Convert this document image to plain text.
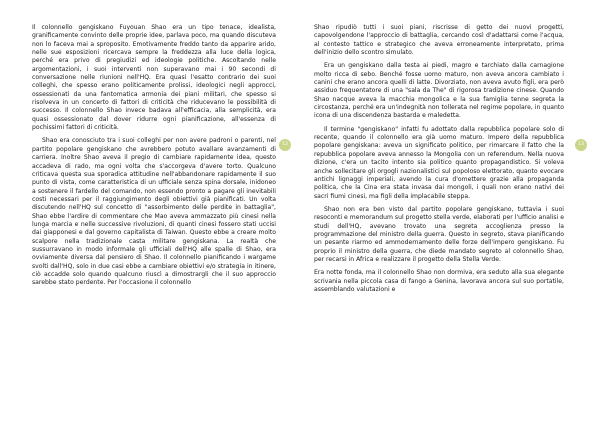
Il colonnello gengiskano Fuyouan Shao era un tipo tenace, idealista, granificamente convinto delle proprie idee, parlava poco, ma quando discuteva non lo faceva mai a sproposito. Emotivamente freddo tanto da apparire arido, nelle sue esposizioni ricercava sempre la freddezza alla luce della logica, perché era privo di pregiudizi ed ideologie politiche. Ascoltando nelle argomentazioni, i suoi interventi non superavano mai i 90 secondi di conversazione nelle riunioni nell'HQ. Era quasi l'esatto contrario dei suoi colleghi, che spesso erano politicamente prolissi, ideologici negli approcci, ossessionati da una fantomatica armonia dei piani militari, che spesso si risolveva in un concerto di fattori di criticità che riducevano le possibilità di successo. Il colonnello Shao invece badava all'efficacia, alla semplicità, era quasi ossessionato dal dover ridurre ogni pianificazione, all'essenza di pochissimi fattori di criticità.

Shao era conosciuto tra i suoi colleghi per non avere padroni o parenti, nel partito popolare gengiskano che avrebbero potuto avallare avanzamenti di carriera. Inoltre Shao aveva il pregio di cambiare rapidamente idea, questo accadeva di rado, ma ogni volta che s'accorgeva d'avere torto. Qualcuno criticava questa sua sporadica attitudine nell'abbandonare rapidamente il suo punto di vista, come caratteristica di un ufficiale senza spina dorsale, inidoneo a sostenere il fardello del comando, non essendo pronto a pagare gli inevitabili costi necessari per il raggiungimento degli obiettivi già pianificati. Un volta discutendo nell'HQ sul concetto di "assorbimento delle perdite in battaglia", Shao ebbe l'ardire di commentare che Mao aveva ammazzato più cinesi nella lunga marcia e nelle successive rivoluzioni, di quanti cinesi fossero stati uccisi dai giapponesi e dal governo capitalista di Taiwan. Questo ebbe a creare molto scalpore nella tradizionale casta militare gengiskana. La realtà che sussurravano in modo informale gli ufficiali dell'HQ alle spalle di Shao, era ovviamente diversa dal pensiero di Shao. Il colonnello pianificando i wargame svolti dall'HQ, solo in due casi ebbe a cambiare obiettivi e/o strategia in itinere, ciò accadde solo quando qualcuno riuscì a dimostrargli che il suo approccio sarebbe stato perdente. Per l'occasione il colonnello

12

Shao ripudiò tutti i suoi piani, riscrisse di getto dei nuovi progetti, capovolgendone l'approccio di battaglia, cercando così d'adattarsi come l'acqua, al contesto tattico e strategico che aveva erroneamente interpretato, prima dell'inizio dello scontro simulato.

Era un gengiskano dalla testa ai piedi, magro e tarchiato dalla carnagione molto ricca di sebo. Benché fosse uomo maturo, non aveva ancora cambiato i canini che erano ancora quelli di latte. Divorziato, non aveva avuto figli, era però assiduo frequentatore di una "sala da The" di rigorosa tradizione cinese. Quando Shao nacque aveva la macchia mongolica e la sua famiglia tenne segreta la circostanza, perché era un'indegnità non tollerata nel regime popolare, in quanto icona di una discendenza bastarda e maledetta.

Il termine "gengiskano" infatti fu adottato dalla repubblica popolare solo di recente, quando il colonnello era già uomo maturo. Impero della repubblica popolare gengiskana: aveva un significato politico, per rimarcare il fatto che la repubblica popolare aveva annesso la Mongolia con un referendum. Nella nuova dizione, c'era un tacito intento sia politico quanto propagandistico. Si voleva anche sollecitare gli orgogli nazionalistici sul popoloso elettorato, quanto evocare antichi lignaggi imperiali, avendo la cura d'omettere grazie alla propaganda politica, che la Cina era stata invasa dai mongoli, i quali non erano nativi dei sacri fiumi cinesi, ma figli della implacabile steppa.

Shao non era ben visto dal partito popolare gengiskano, tuttavia i suoi resoconti e memorandum sul progetto stella verde, elaborati per l'ufficio analisi e studi dell'HQ, avevano trovato una segreta accoglienza presso la programmazione del ministro della guerra. Questo in segreto, stava pianificando un pesante riarmo ed ammodernamento delle forze dell'impero gengiskano. Fu proprio il ministro della guerra, che diede mandato segreto al colonnello Shao, per recarsi in Africa e realizzare il progetto della Stella Verde.

Era notte fonda, ma il colonnello Shao non dormiva, era seduto alla sua elegante scrivania nella piccola casa di fango a Genina, lavorava ancora sul suo portatile, assemblando valutazioni e

13
